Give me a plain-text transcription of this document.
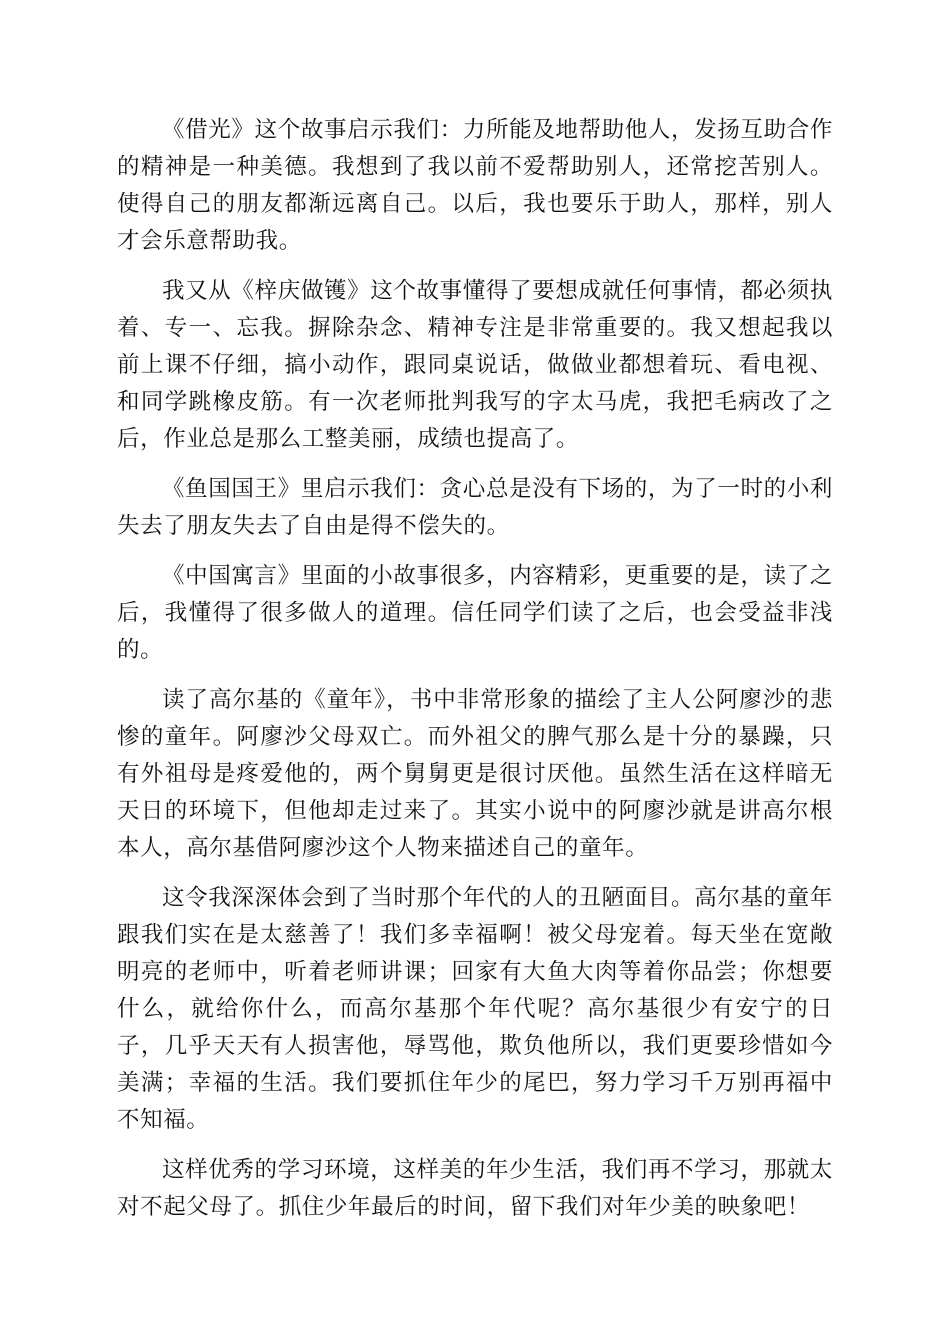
《借光》这个故事启示我们：力所能及地帮助他人，发扬互助合作的精神是一种美德。我想到了我以前不爱帮助别人，还常挖苦别人。使得自己的朋友都渐远离自己。以后，我也要乐于助人，那样，别人才会乐意帮助我。

我又从《梓庆做镬》这个故事懂得了要想成就任何事情，都必须执着、专一、忘我。摒除杂念、精神专注是非常重要的。我又想起我以前上课不仔细，搞小动作，跟同桌说话，做做业都想着玩、看电视、和同学跳橡皮筋。有一次老师批判我写的字太马虎，我把毛病改了之后，作业总是那么工整美丽，成绩也提高了。

《鱼国国王》里启示我们：贪心总是没有下场的，为了一时的小利失去了朋友失去了自由是得不偿失的。

《中国寓言》里面的小故事很多，内容精彩，更重要的是，读了之后，我懂得了很多做人的道理。信任同学们读了之后，也会受益非浅的。

读了高尔基的《童年》，书中非常形象的描绘了主人公阿廖沙的悲惨的童年。阿廖沙父母双亡。而外祖父的脾气那么是十分的暴躁，只有外祖母是疼爱他的，两个舅舅更是很讨厌他。虽然生活在这样暗无天日的环境下，但他却走过来了。其实小说中的阿廖沙就是讲高尔根本人，高尔基借阿廖沙这个人物来描述自己的童年。

这令我深深体会到了当时那个年代的人的丑陋面目。高尔基的童年跟我们实在是太慈善了！我们多幸福啊！被父母宠着。每天坐在宽敞明亮的老师中，听着老师讲课；回家有大鱼大肉等着你品尝；你想要什么，就给你什么，而高尔基那个年代呢？高尔基很少有安宁的日子，几乎天天有人损害他，辱骂他，欺负他所以，我们更要珍惜如今美满；幸福的生活。我们要抓住年少的尾巴，努力学习千万别再福中不知福。

这样优秀的学习环境，这样美的年少生活，我们再不学习，那就太对不起父母了。抓住少年最后的时间，留下我们对年少美的映象吧！
